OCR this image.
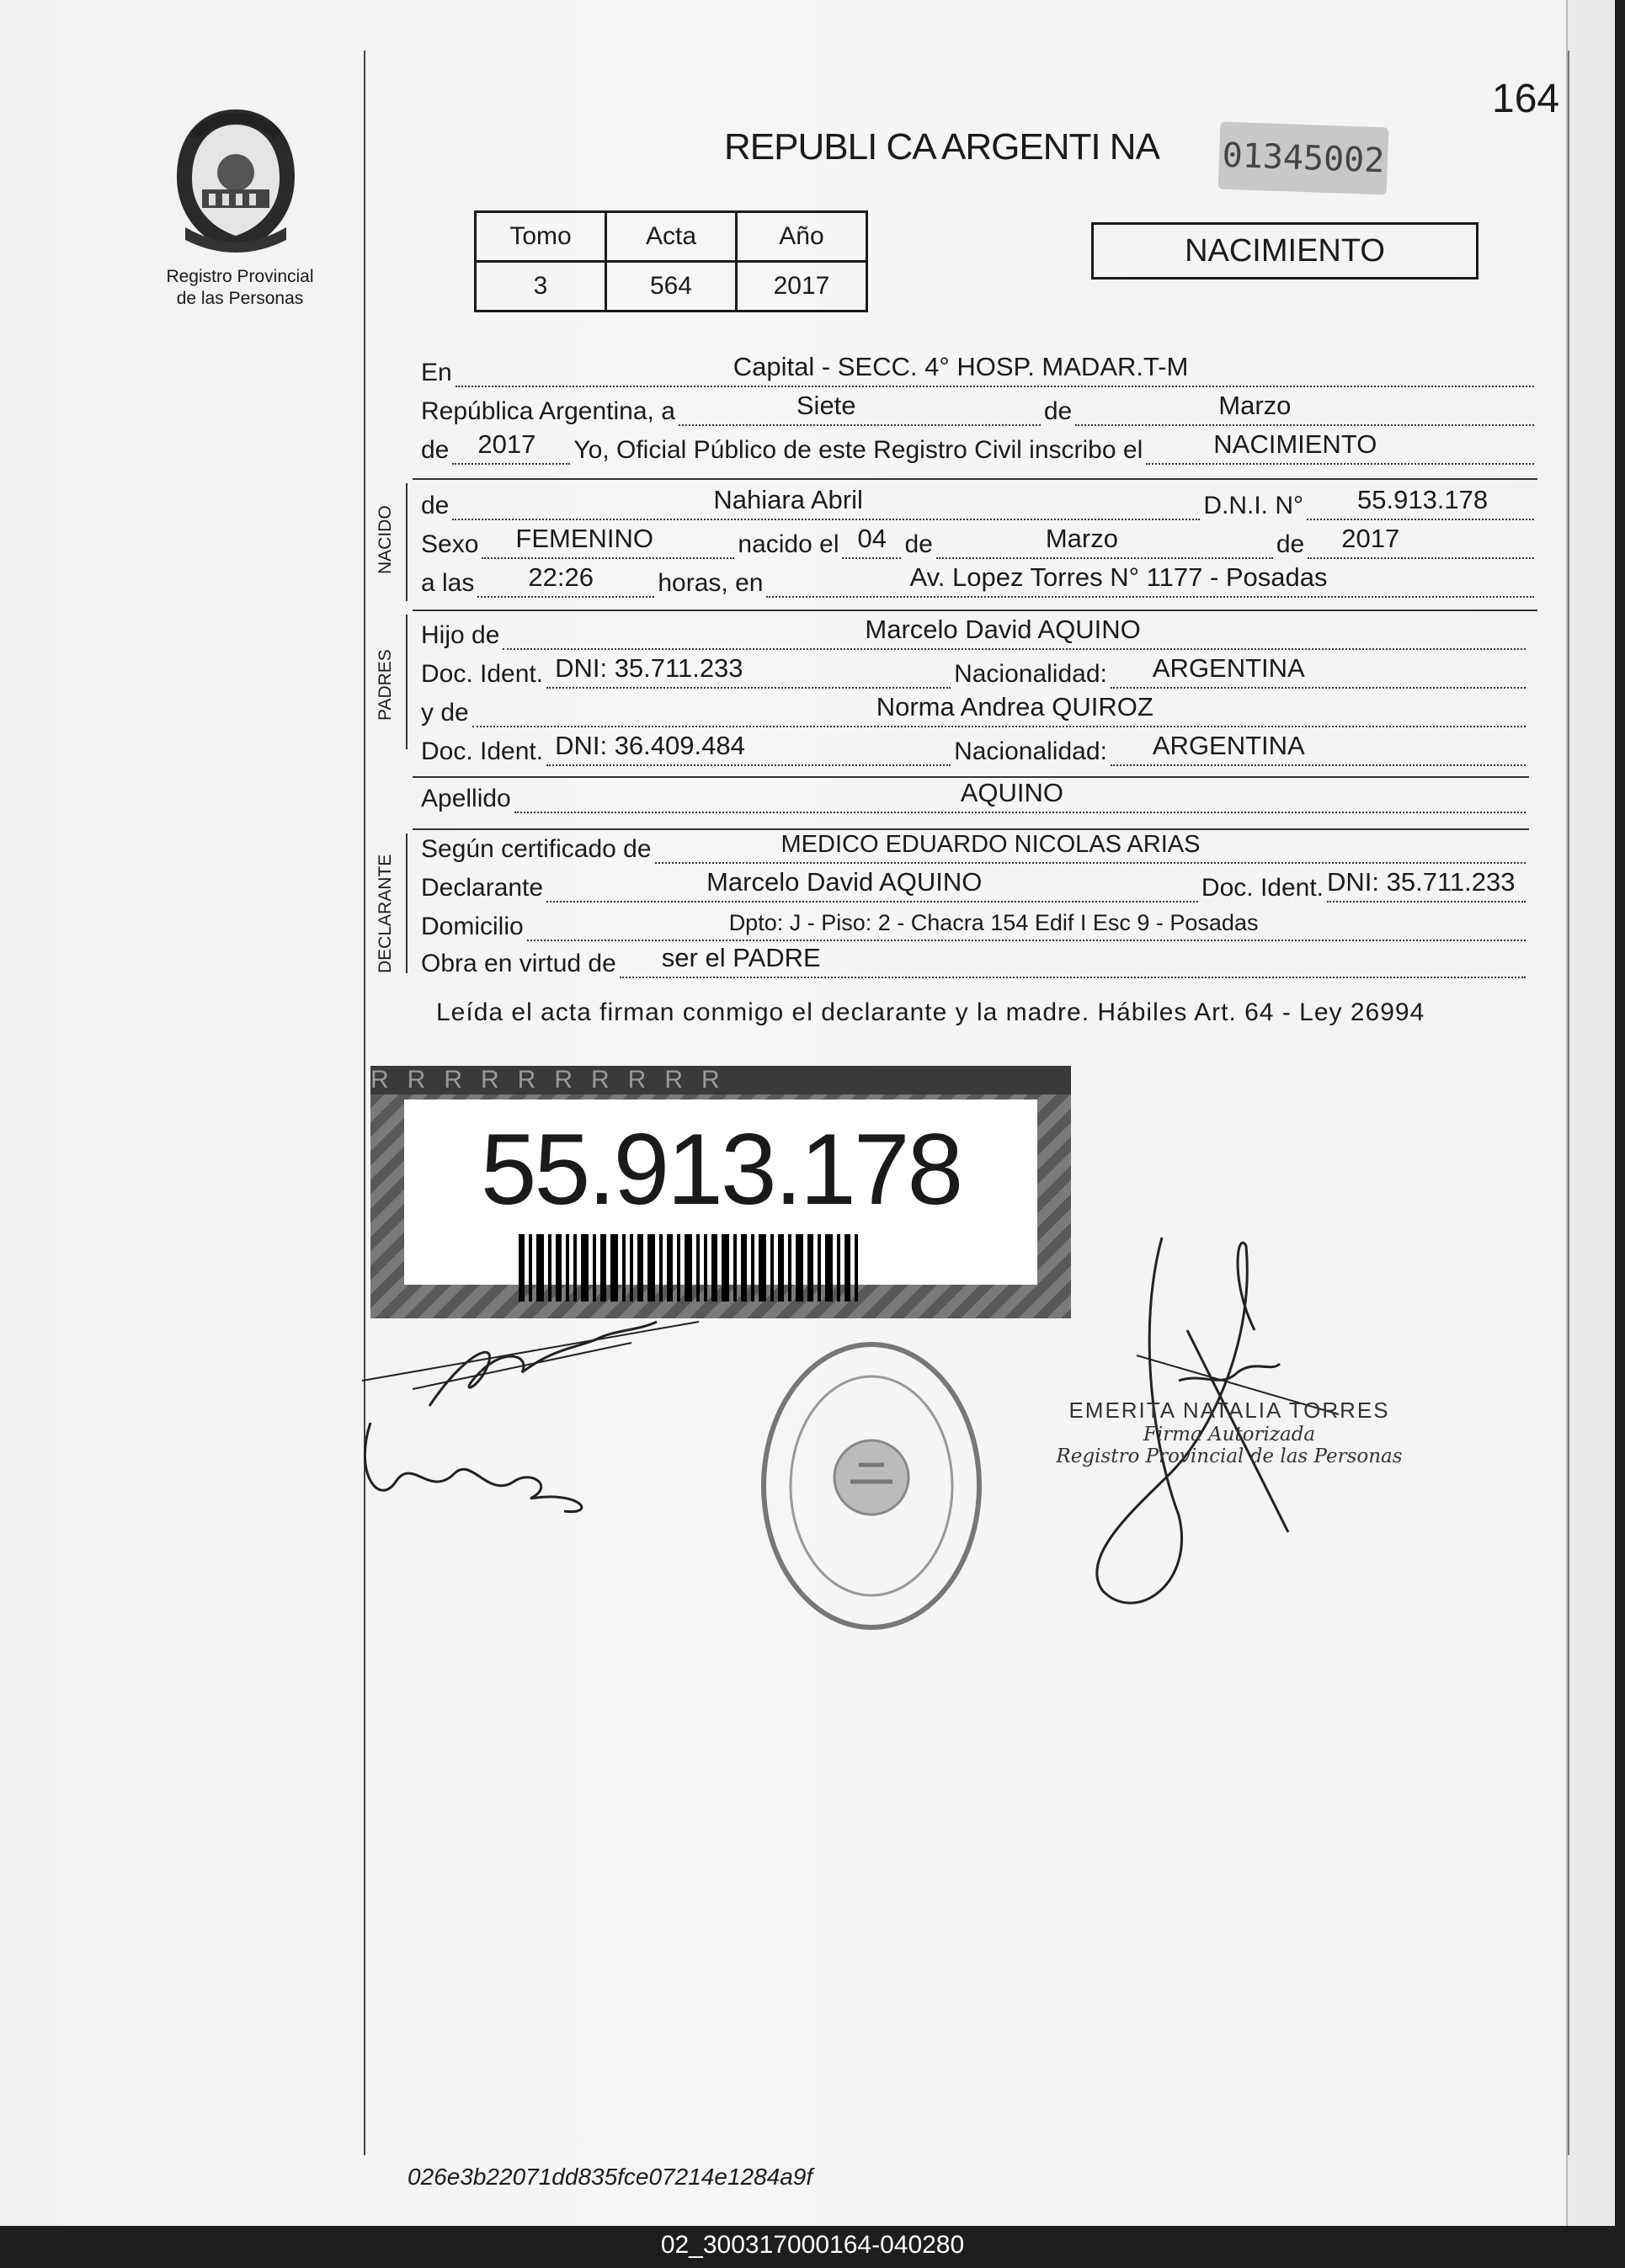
164
Registro Provincial
de las Personas
REPUBLI CA ARGENTI NA 01345002
Tomo	Acta	Año
3	564	2017
NACIMIENTO
En	Capital - SECC. 4° HOSP. MADAR.T-M
República Argentina, a	Siete	de	Marzo
de 2017 Yo, Oficial Público de este Registro Civil inscribo el	NACIMIENTO
NACIDO de	Nahiara Abril	D.N.I. N° 55.913.178
Sexo FEMENINO	nacido el 04 de	Marzo	de 2017
a las 22:26	horas, en	Av. Lopez Torres N° 1177 - Posadas
PADRES
Hijo de	Marcelo David AQUINO
Doc. Ident. DNI: 35.711.233	Nacionalidad: ARGENTINA
y de	Norma Andrea QUIROZ
Doc. Ident. DNI: 36.409.484	Nacionalidad: ARGENTINA
Apellido	AQUINO
DECLARANTE
Según certificado de	MEDICO EDUARDO NICOLAS ARIAS
Declarante	Marcelo David AQUINO	Doc. Ident. DNI: 35.711.233
Domicilio	Dpto: J - Piso: 2 - Chacra 154 Edif I Esc 9 - Posadas
Obra en virtud de ser el PADRE
Leída el acta firman conmigo el declarante y la madre. Hábiles Art. 64 - Ley 26994
RRRRRRRRRR
55.913.178
EMERITA NATALIA TORRES
Firma Autorizada
Registro Provincial de las Personas
026e3b22071dd835fce07214e1284a9f
02_300317000164-040280
